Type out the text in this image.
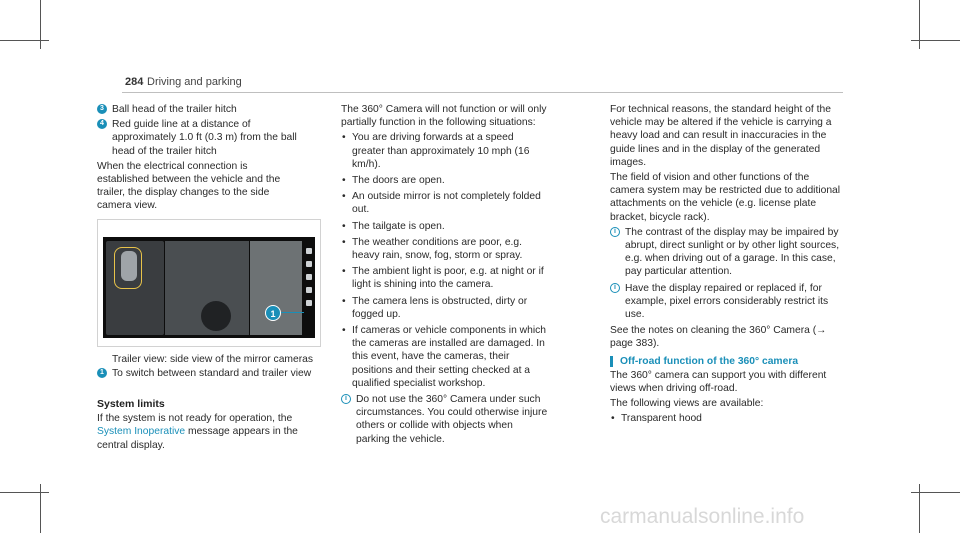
284 Driving and parking
3 Ball head of the trailer hitch
4 Red guide line at a distance of approximately 1.0 ft (0.3 m) from the ball head of the trailer hitch

When the electrical connection is established between the vehicle and the trailer, the display changes to the side camera view.

1
Trailer view: side view of the mirror cameras
1 To switch between standard and trailer view
System limits

If the system is not ready for operation, the System Inoperative message appears in the central display.

The 360° Camera will not function or will only partially function in the following situations:

• You are driving forwards at a speed greater than approximately 10 mph (16 km/h).
• The doors are open.
• An outside mirror is not completely folded out.
• The tailgate is open.
• The weather conditions are poor, e.g. heavy rain, snow, fog, storm or spray.
• The ambient light is poor, e.g. at night or if light is shining into the camera.
• The camera lens is obstructed, dirty or fogged up.
• If cameras or vehicle components in which the cameras are installed are damaged. In this event, have the cameras, their positions and their setting checked at a qualified specialist workshop.
i Do not use the 360° Camera under such circumstances. You could otherwise injure others or collide with objects when parking the vehicle.

For technical reasons, the standard height of the vehicle may be altered if the vehicle is carrying a heavy load and can result in inaccuracies in the guide lines and in the display of the generated images.

The field of vision and other functions of the camera system may be restricted due to additional attachments on the vehicle (e.g. license plate bracket, bicycle rack).

i The contrast of the display may be impaired by abrupt, direct sunlight or by other light sources, e.g. when driving out of a garage. In this case, pay particular attention.
i Have the display repaired or replaced if, for example, pixel errors considerably restrict its use.

See the notes on cleaning the 360° Camera (→ page 383).

Off-road function of the 360° camera

The 360° camera can support you with different views when driving off-road.

The following views are available:

• Transparent hood
carmanualsonline.info
